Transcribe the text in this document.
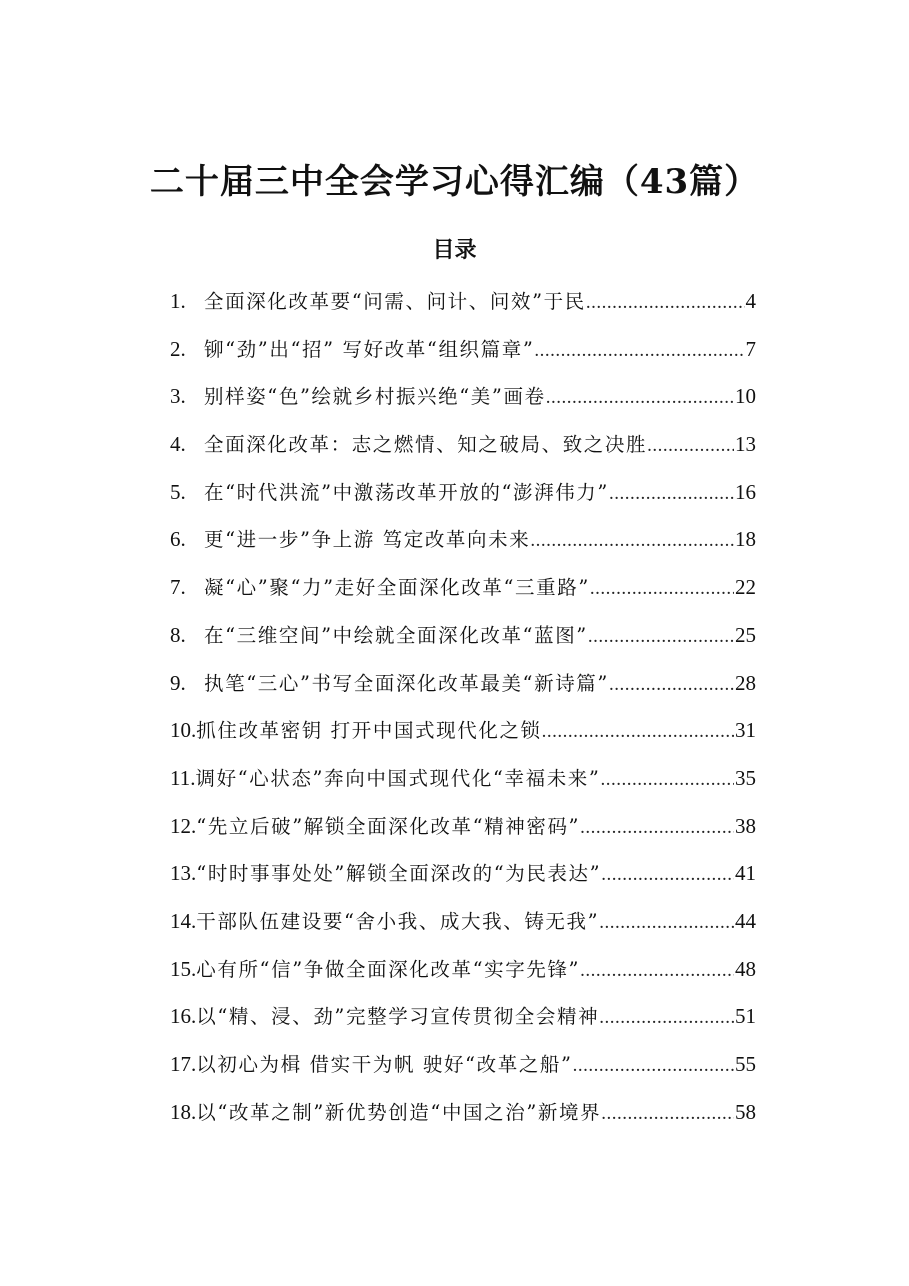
二十届三中全会学习心得汇编（43篇）
目录
1. 全面深化改革要“问需、问计、问效”于民 .....	4
2. 铆“劲”出“招” 写好改革“组织篇章” .....	7
3. 别样姿“色”绘就乡村振兴绝“美”画卷 .....	10
4. 全面深化改革：志之燃情、知之破局、致之决胜 .....	13
5. 在“时代洪流”中激荡改革开放的“澎湃伟力” .....	16
6. 更“进一步”争上游 笃定改革向未来 .....	18
7. 凝“心”聚“力”走好全面深化改革“三重路” .....	22
8. 在“三维空间”中绘就全面深化改革“蓝图” .....	25
9. 执笔“三心”书写全面深化改革最美“新诗篇” .....	28
10. 抓住改革密钥 打开中国式现代化之锁 .....	31
11. 调好“心状态”奔向中国式现代化“幸福未来” .....	35
12. “先立后破”解锁全面深化改革“精神密码” .....	38
13. “时时事事处处”解锁全面深改的“为民表达” .....	41
14. 干部队伍建设要“舍小我、成大我、铸无我” .....	44
15. 心有所“信”争做全面深化改革“实字先锋” .....	48
16. 以“精、浸、劲”完整学习宣传贯彻全会精神 .....	51
17. 以初心为楫 借实干为帆 驶好“改革之船” .....	55
18. 以“改革之制”新优势创造“中国之治”新境界 .....	58
